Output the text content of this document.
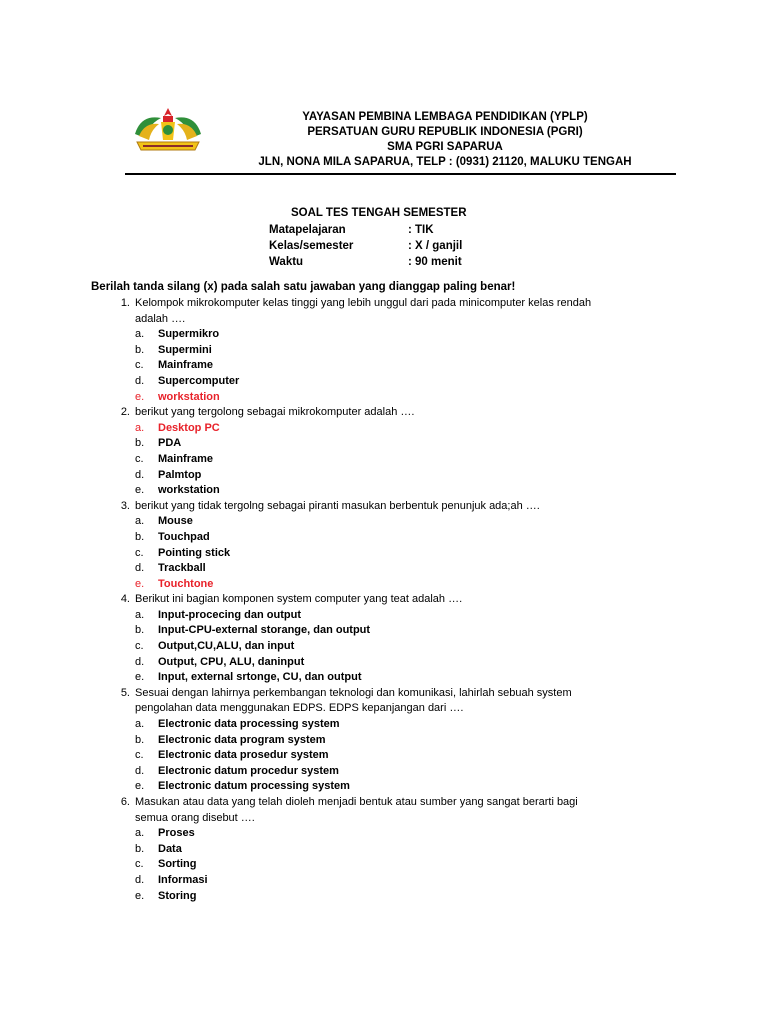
YAYASAN PEMBINA LEMBAGA PENDIDIKAN (YPLP)
PERSATUAN GURU REPUBLIK INDONESIA (PGRI)
SMA PGRI SAPARUA
JLN, NONA MILA SAPARUA, TELP : (0931) 21120, MALUKU TENGAH
SOAL TES TENGAH SEMESTER
Matapelajaran	: TIK
Kelas/semester	: X / ganjil
Waktu	: 90 menit
Berilah tanda silang (x) pada salah satu jawaban yang dianggap paling benar!
1. Kelompok mikrokomputer kelas tinggi yang lebih unggul dari pada minicomputer kelas rendah
adalah ….
a.	Supermikro
b.	Supermini
c.	Mainframe
d.	Supercomputer
e.	workstation
2. berikut yang tergolong sebagai mikrokomputer adalah ….
a.	Desktop PC
b.	PDA
c.	Mainframe
d.	Palmtop
e.	workstation
3. berikut yang tidak tergolng sebagai piranti masukan berbentuk penunjuk ada;ah ….
a.	Mouse
b.	Touchpad
c.	Pointing stick
d.	Trackball
e.	Touchtone
4. Berikut ini bagian komponen system computer yang teat adalah ….
a.	Input-procecing dan output
b.	Input-CPU-external storange, dan output
c.	Output,CU,ALU, dan input
d.	Output, CPU, ALU, daninput
e.	Input, external srtonge, CU, dan output
5. Sesuai dengan lahirnya perkembangan teknologi dan komunikasi, lahirlah sebuah system
pengolahan data menggunakan EDPS. EDPS kepanjangan dari ….
a.	Electronic data processing system
b.	Electronic data program system
c.	Electronic data prosedur system
d.	Electronic datum procedur system
e.	Electronic datum processing system
6. Masukan atau data yang telah dioleh menjadi bentuk atau sumber yang sangat berarti bagi
semua orang disebut ….
a.	Proses
b.	Data
c.	Sorting
d.	Informasi
e.	Storing
